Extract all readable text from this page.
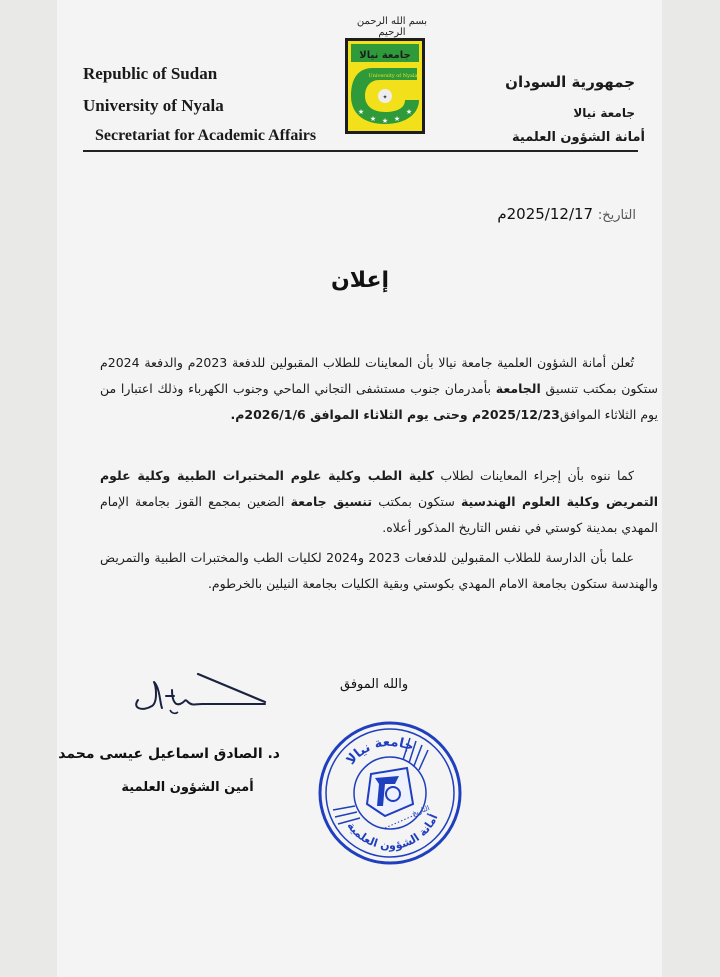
Republic of Sudan
University of Nyala
Secretariat for Academic Affairs
جمهورية السودان
جامعة نيالا
أمانة الشؤون العلمية
بسم الله الرحمن الرحيم
جامعة نيالا
University of Nyala
✦
★
★ ★ ★
★
التاريخ: 2025/12/17م
إعلان
تُعلن أمانة الشؤون العلمية جامعة نيالا بأن المعاينات للطلاب المقبولين للدفعة 2023م والدفعة 2024م ستكون بمكتب تنسيق الجامعة بأمدرمان جنوب مستشفى التجاني الماحي وجنوب الكهرباء وذلك اعتبارا من يوم الثلاثاء الموافق2025/12/23م وحتى يوم الثلاثاء الموافق 2026/1/6م.
كما ننوه بأن إجراء المعاينات لطلاب كلية الطب وكلية علوم المختبرات الطبية وكلية علوم التمريض وكلية العلوم الهندسية ستكون بمكتب تنسيق جامعة الضعين بمجمع القوز بجامعة الإمام المهدي بمدينة كوستي في نفس التاريخ المذكور أعلاه.
علما بأن الدارسة للطلاب المقبولين للدفعات 2023 و2024 لكليات الطب والمختبرات الطبية والتمريض والهندسة ستكون بجامعة الامام المهدي بكوستي وبقية الكليات بجامعة النيلين بالخرطوم.
والله الموفق
د. الصادق اسماعيل عيسى محمد
أمين الشؤون العلمية
جامعة نيالا
أمانة الشؤون العلمية
التاريخ
